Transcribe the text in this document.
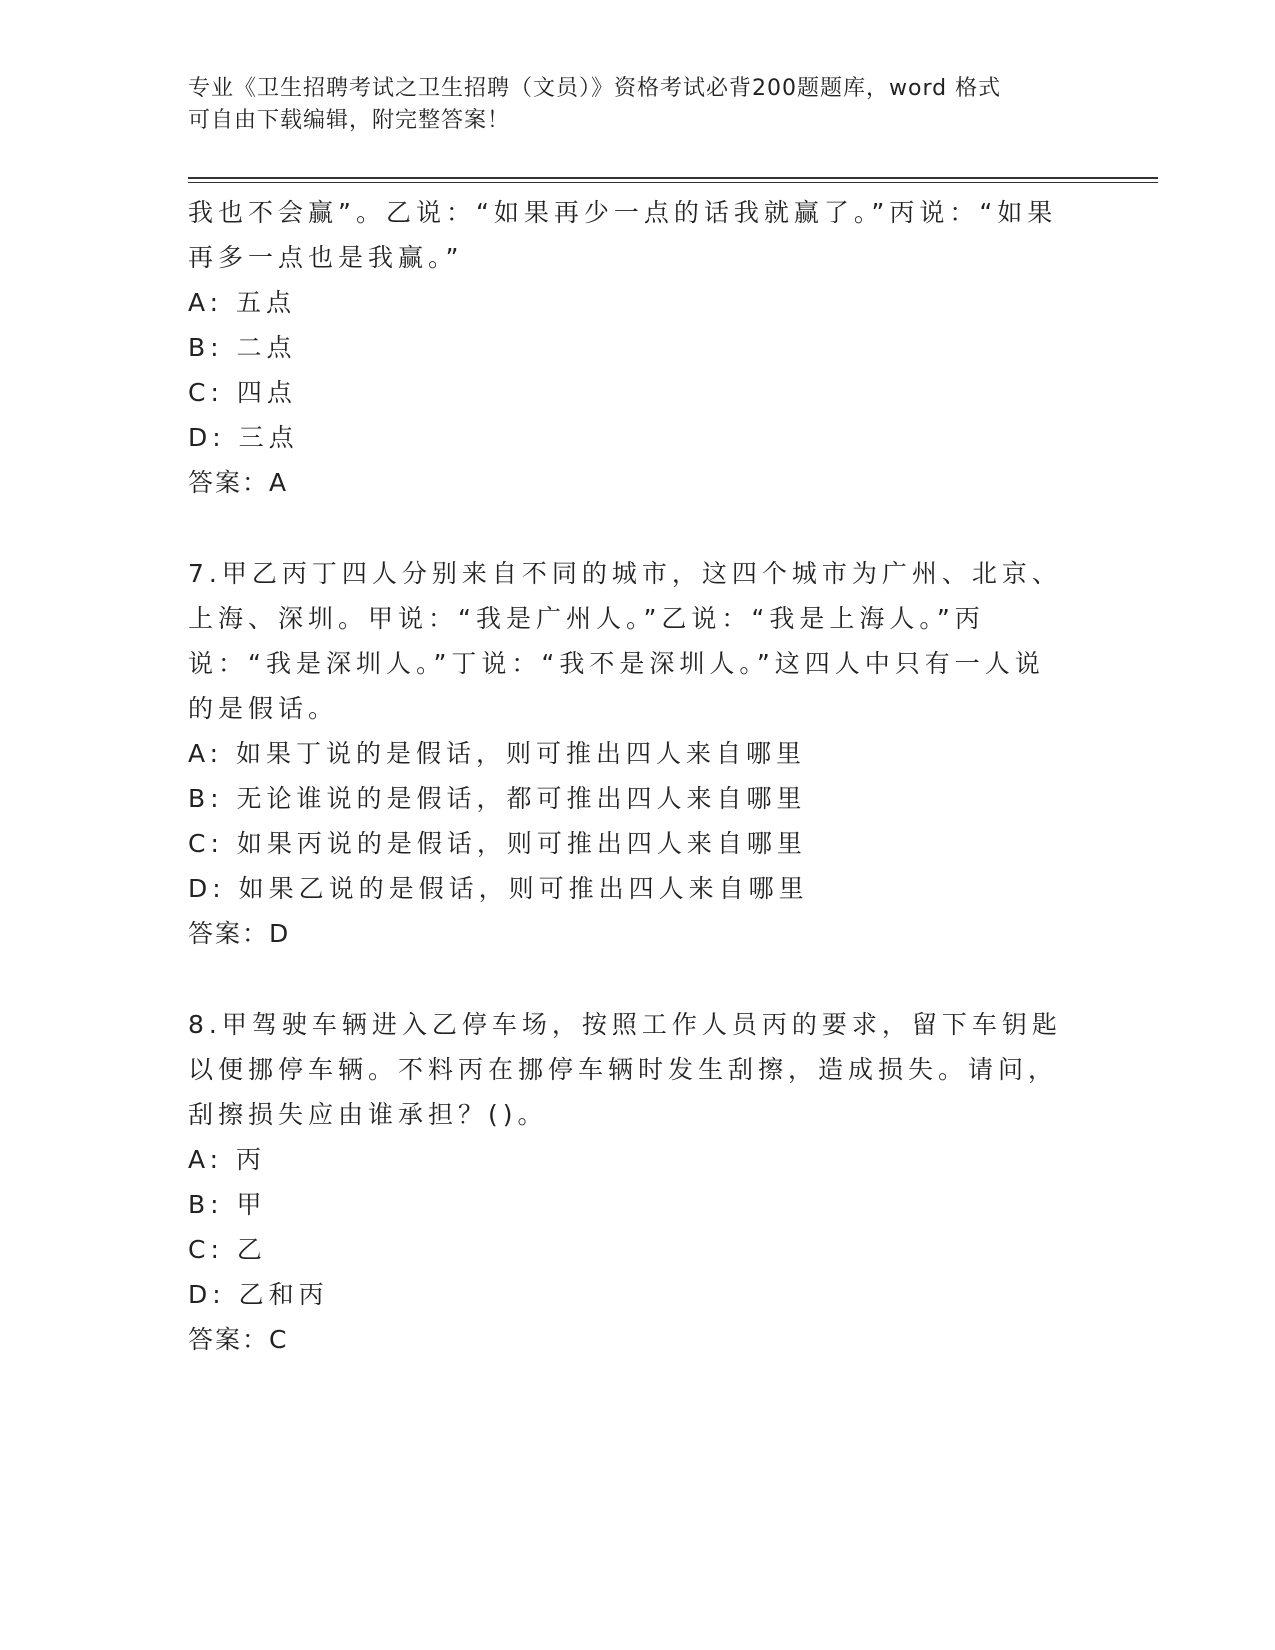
专业《卫生招聘考试之卫生招聘（文员）》资格考试必背200题题库，word 格式
可自由下载编辑，附完整答案！

我也不会赢”。乙说：“如果再少一点的话我就赢了。”丙说：“如果再多一点也是我赢。”

A: 五点
B: 二点
C: 四点
D: 三点
答案：A

7.甲乙丙丁四人分别来自不同的城市，这四个城市为广州、北京、上海、深圳。甲说：“我是广州人。”乙说：“我是上海人。”丙说：“我是深圳人。”丁说：“我不是深圳人。”这四人中只有一人说的是假话。

A: 如果丁说的是假话，则可推出四人来自哪里
B: 无论谁说的是假话，都可推出四人来自哪里
C: 如果丙说的是假话，则可推出四人来自哪里
D: 如果乙说的是假话，则可推出四人来自哪里
答案：D

8.甲驾驶车辆进入乙停车场，按照工作人员丙的要求，留下车钥匙以便挪停车辆。不料丙在挪停车辆时发生刮擦，造成损失。请问，刮擦损失应由谁承担？()。

A: 丙
B: 甲
C: 乙
D: 乙和丙
答案：C
